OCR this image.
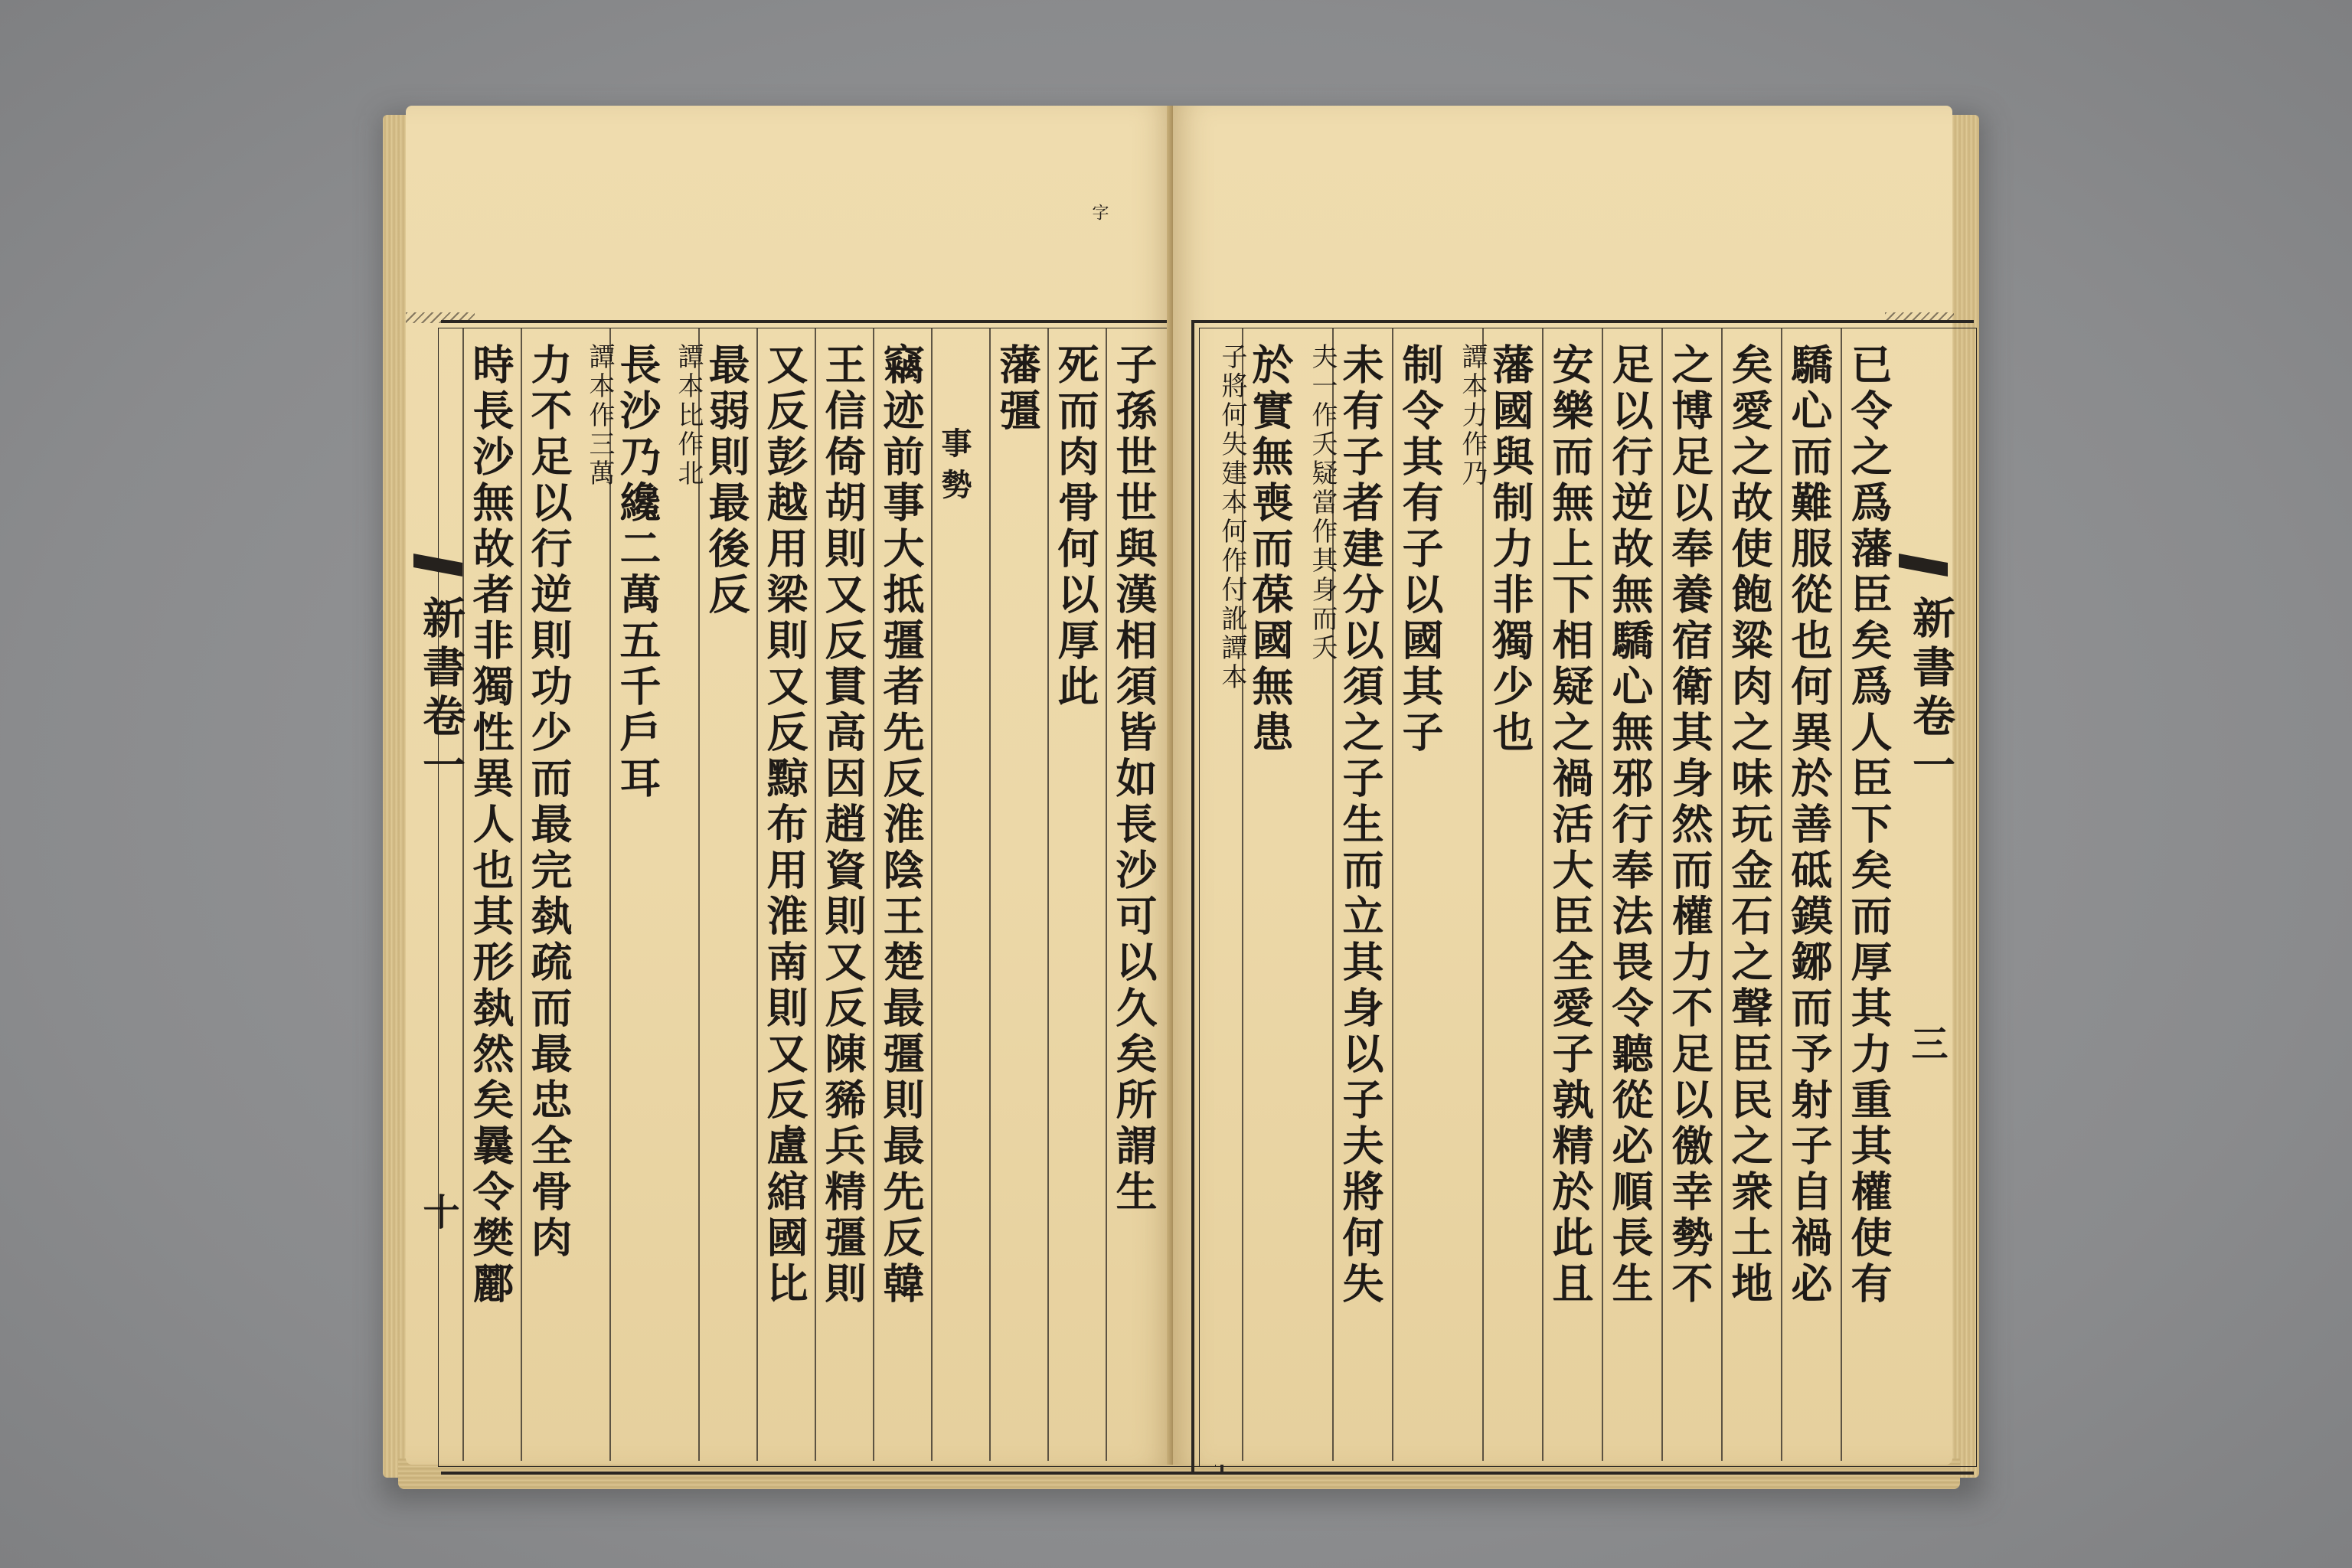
子孫世世與漢相須皆如長沙可以久矣所謂生
死而肉骨何以厚此
藩彊
事勢
竊迹前事大抵彊者先反淮陰王楚最彊則最先反韓
王信倚胡則又反貫高因趙資則又反陳豨兵精彊則
又反彭越用梁則又反黥布用淮南則又反盧綰國比
最弱則最後反
譚本比作北
長沙乃纔二萬五千戶耳
譚本作三萬
力不足以行逆則功少而最完埶疏而最忠全骨肉
時長沙無故者非獨性異人也其形埶然矣曩令樊酈
新書卷一
十
字
已令之爲藩臣矣爲人臣下矣而厚其力重其權使有
驕心而難服從也何異於善砥鏌鋣而予射子自禍必
矣愛之故使飽粱肉之味玩金石之聲臣民之衆土地
之博足以奉養宿衛其身然而權力不足以徼幸勢不
足以行逆故無驕心無邪行奉法畏令聽從必順長生
安樂而無上下相疑之禍活大臣全愛子孰精於此且
藩國與制力非獨少也
譚本力作乃
制令其有子以國其子
未有子者建分以須之子生而立其身以子夫將何失
夫一作夭疑當作其身而夭
於實無喪而葆國無患
子將何失建本何作付訛譚本
新書卷一
三
